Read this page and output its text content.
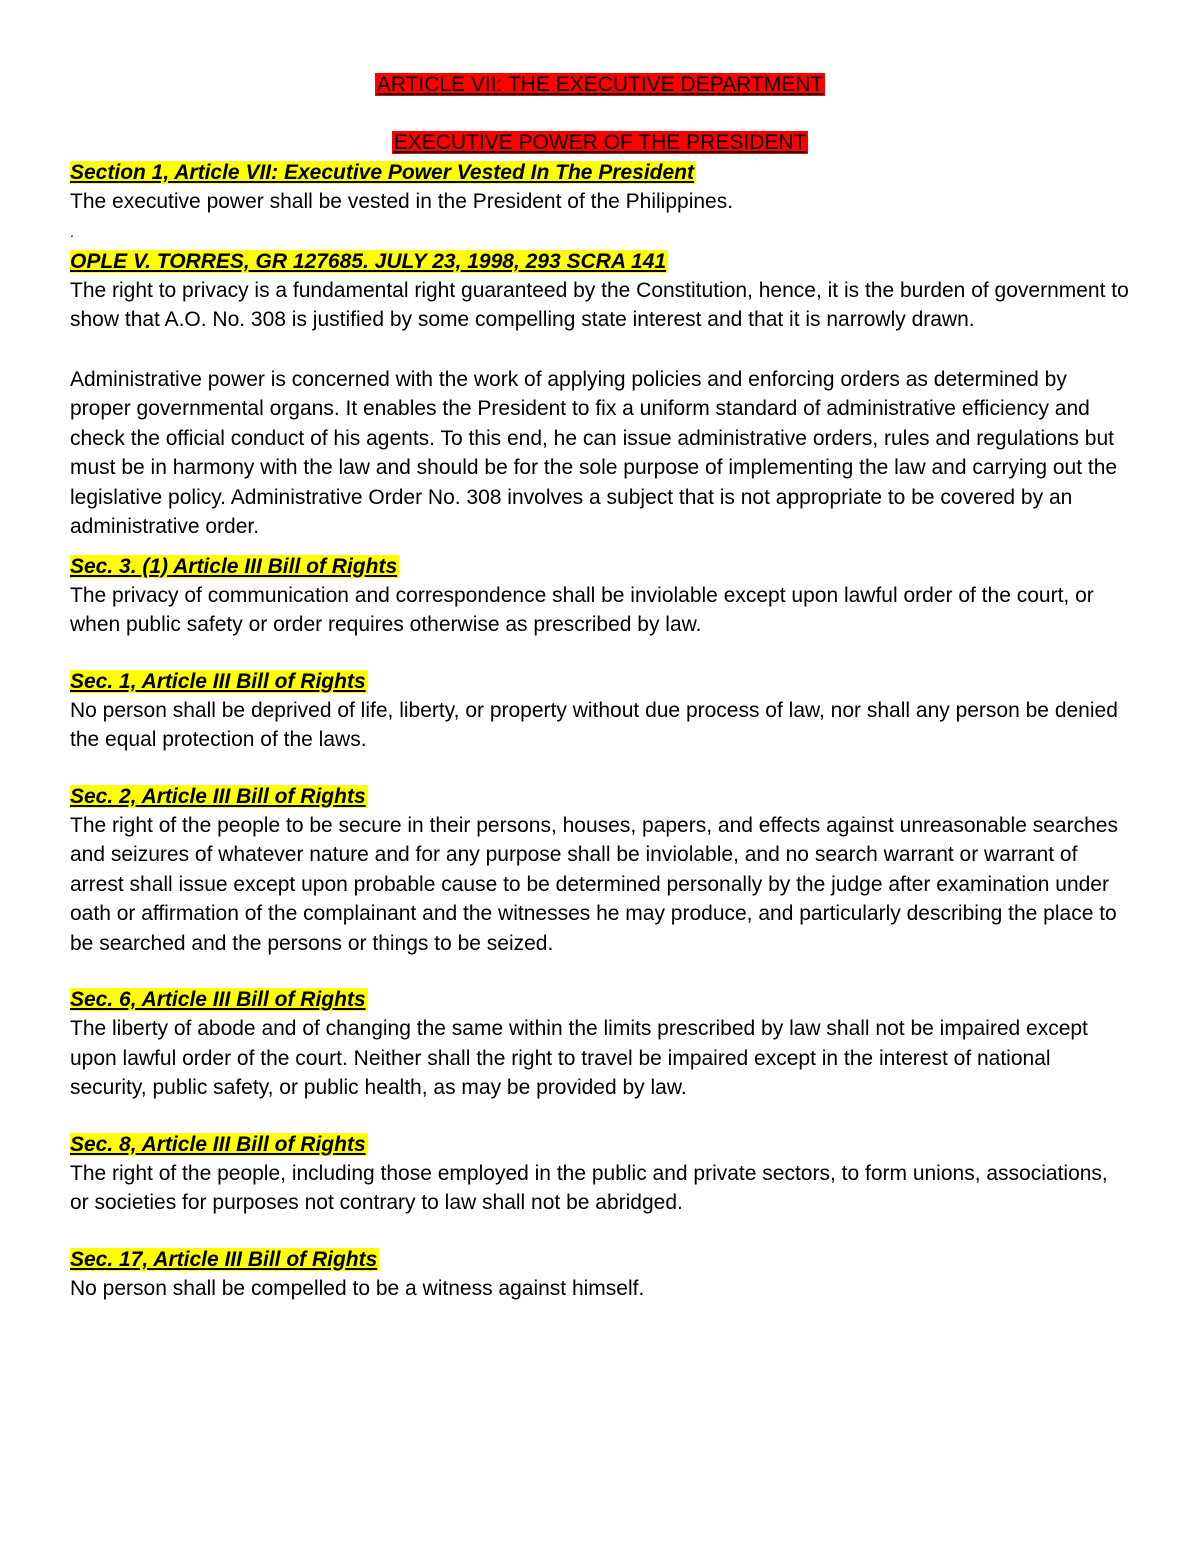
ARTICLE VII: THE EXECUTIVE DEPARTMENT
EXECUTIVE POWER OF THE PRESIDENT
Section 1, Article VII: Executive Power Vested In The President

The executive power shall be vested in the President of the Philippines.

.
OPLE V. TORRES, GR 127685. JULY 23, 1998, 293 SCRA 141

The right to privacy is a fundamental right guaranteed by the Constitution, hence, it is the burden of government to show that A.O. No. 308 is justified by some compelling state interest and that it is narrowly drawn.

Administrative power is concerned with the work of applying policies and enforcing orders as determined by proper governmental organs. It enables the President to fix a uniform standard of administrative efficiency and check the official conduct of his agents. To this end, he can issue administrative orders, rules and regulations but must be in harmony with the law and should be for the sole purpose of implementing the law and carrying out the legislative policy. Administrative Order No. 308 involves a subject that is not appropriate to be covered by an administrative order.

Sec. 3. (1) Article III Bill of Rights

The privacy of communication and correspondence shall be inviolable except upon lawful order of the court, or when public safety or order requires otherwise as prescribed by law.

Sec. 1, Article III Bill of Rights

No person shall be deprived of life, liberty, or property without due process of law, nor shall any person be denied the equal protection of the laws.

Sec. 2, Article III Bill of Rights

The right of the people to be secure in their persons, houses, papers, and effects against unreasonable searches and seizures of whatever nature and for any purpose shall be inviolable, and no search warrant or warrant of arrest shall issue except upon probable cause to be determined personally by the judge after examination under oath or affirmation of the complainant and the witnesses he may produce, and particularly describing the place to be searched and the persons or things to be seized.

Sec. 6, Article III Bill of Rights

The liberty of abode and of changing the same within the limits prescribed by law shall not be impaired except upon lawful order of the court. Neither shall the right to travel be impaired except in the interest of national security, public safety, or public health, as may be provided by law.

Sec. 8, Article III Bill of Rights

The right of the people, including those employed in the public and private sectors, to form unions, associations, or societies for purposes not contrary to law shall not be abridged.

Sec. 17, Article III Bill of Rights

No person shall be compelled to be a witness against himself.
